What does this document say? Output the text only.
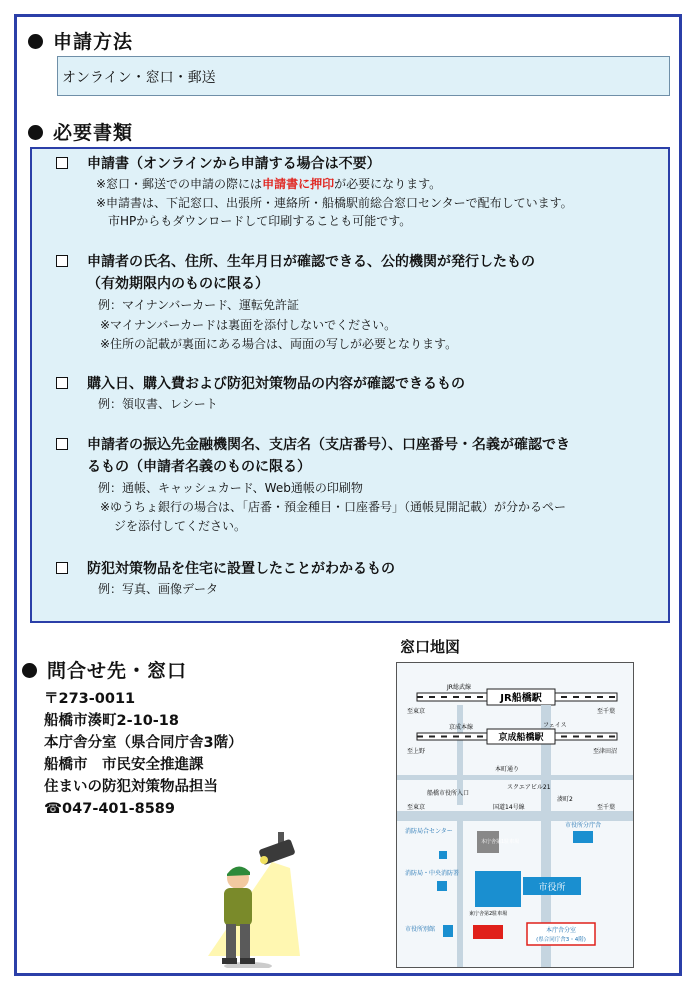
申請方法
オンライン・窓口・郵送
必要書類
申請書（オンラインから申請する場合は不要）
※窓口・郵送での申請の際には申請書に押印が必要になります。
※申請書は、下記窓口、出張所・連絡所・船橋駅前総合窓口センターで配布しています。
市HPからもダウンロードして印刷することも可能です。
申請者の氏名、住所、生年月日が確認できる、公的機関が発行したもの
（有効期限内のものに限る）
例：マイナンバーカード、運転免許証
※マイナンバーカードは裏面を添付しないでください。
※住所の記載が裏面にある場合は、両面の写しが必要となります。
購入日、購入費および防犯対策物品の内容が確認できるもの
例：領収書、レシート
申請者の振込先金融機関名、支店名（支店番号）、口座番号・名義が確認でき
るもの（申請者名義のものに限る）
例：通帳、キャッシュカード、Web通帳の印刷物
※ゆうちょ銀行の場合は、「店番・預金種目・口座番号」（通帳見開記載）が分かるペー
ジを添付してください。
防犯対策物品を住宅に設置したことがわかるもの
例：写真、画像データ
問合せ先・窓口
〒273-0011
船橋市湊町2-10-18
本庁舎分室（県合同庁舎3階）
船橋市　市民安全推進課
住まいの防犯対策物品担当
☎047-401-8589
窓口地図
JR船橋駅
JR総武線
至東京	至千葉
フェイス
京成船橋駅
京成本線
至上野	至津田沼
本町通り
スクエアビル21
湊町2
船橋市役所入口
国道14号線
至東京	至千葉
消防局合センター
消防局・中央消防署
本庁舎第1駐車場
市役所分庁舎
市役所
東庁舎第2駐車場
市役所別館	本庁舎分室
(県合同庁舎3・4階)
